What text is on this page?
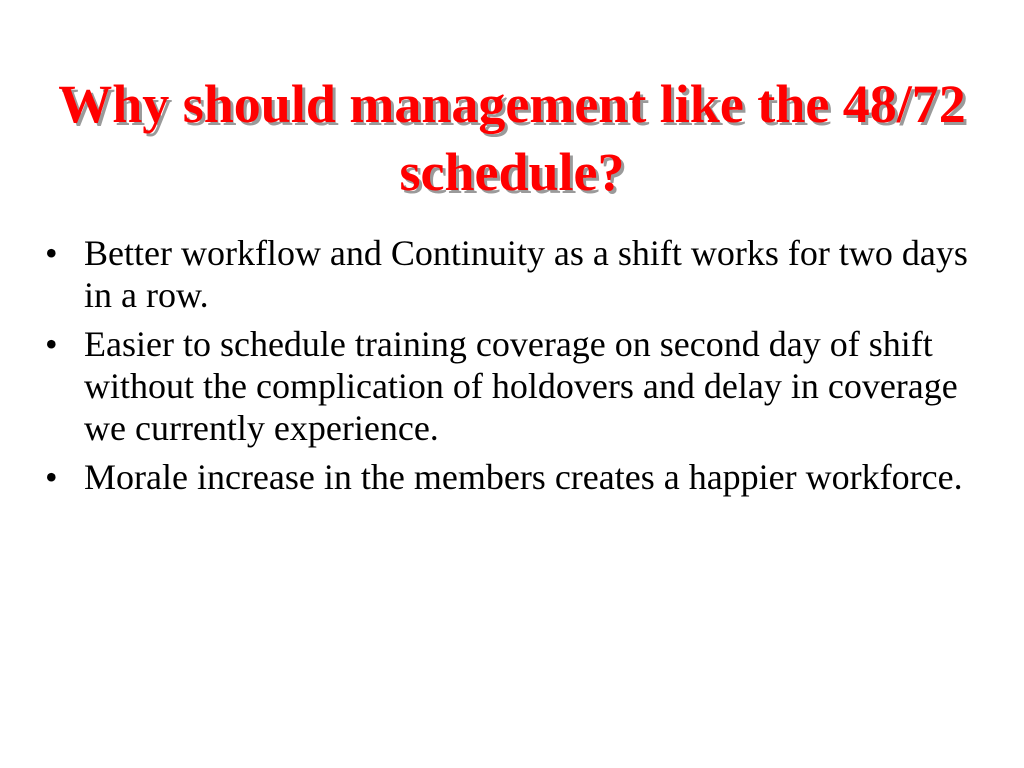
Why should management like the 48/72 schedule?
• Better workflow and Continuity as a shift works for two days in a row.
• Easier to schedule training coverage on second day of shift without the complication of holdovers and delay in coverage we currently experience.
• Morale increase in the members creates a happier workforce.
